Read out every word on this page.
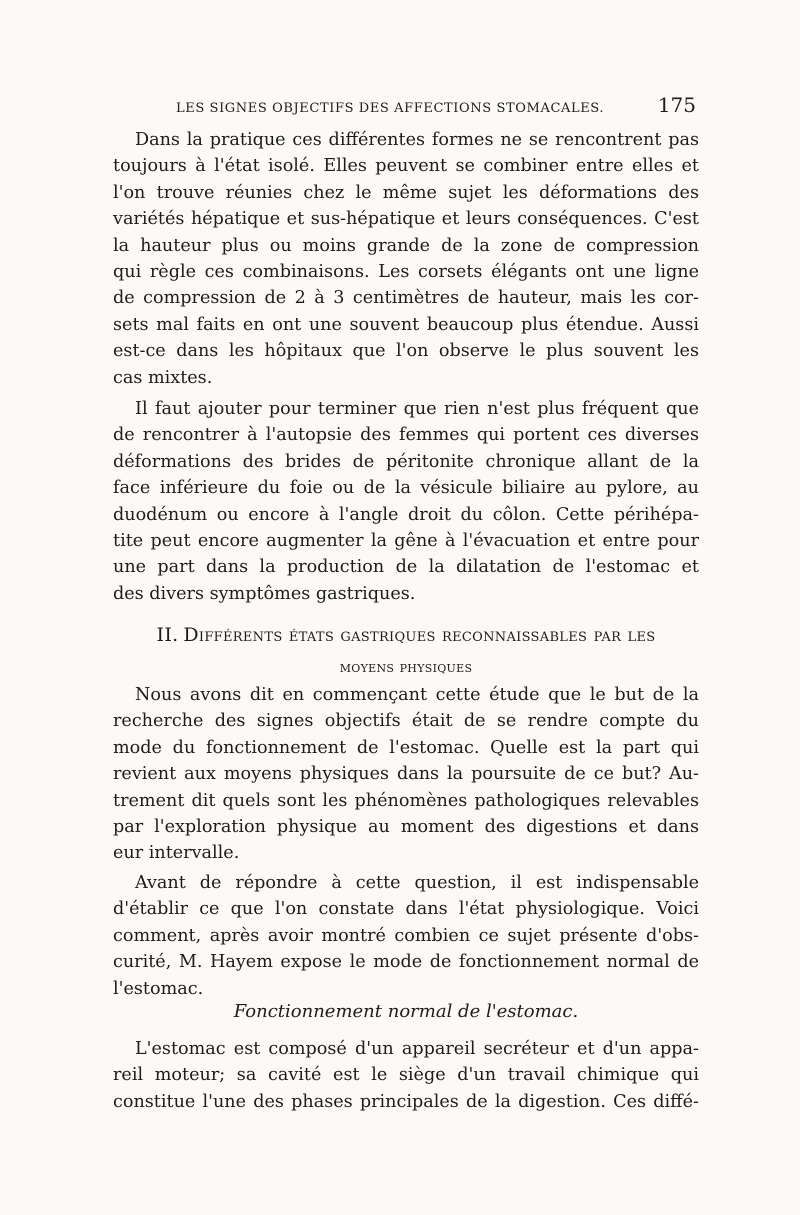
LES SIGNES OBJECTIFS DES AFFECTIONS STOMACALES.	175
Dans la pratique ces différentes formes ne se rencontrent pas
toujours à l'état isolé. Elles peuvent se combiner entre elles et
l'on trouve réunies chez le même sujet les déformations des
variétés hépatique et sus-hépatique et leurs conséquences. C'est
la hauteur plus ou moins grande de la zone de compression
qui règle ces combinaisons. Les corsets élégants ont une ligne
de compression de 2 à 3 centimètres de hauteur, mais les cor-
sets mal faits en ont une souvent beaucoup plus étendue. Aussi
est-ce dans les hôpitaux que l'on observe le plus souvent les
cas mixtes.
Il faut ajouter pour terminer que rien n'est plus fréquent que
de rencontrer à l'autopsie des femmes qui portent ces diverses
déformations des brides de péritonite chronique allant de la
face inférieure du foie ou de la vésicule biliaire au pylore, au
duodénum ou encore à l'angle droit du côlon. Cette périhépa-
tite peut encore augmenter la gêne à l'évacuation et entre pour
une part dans la production de la dilatation de l'estomac et
des divers symptômes gastriques.
II. Différents états gastriques reconnaissables par les
moyens physiques
Nous avons dit en commençant cette étude que le but de la
recherche des signes objectifs était de se rendre compte du
mode du fonctionnement de l'estomac. Quelle est la part qui
revient aux moyens physiques dans la poursuite de ce but? Au-
trement dit quels sont les phénomènes pathologiques relevables
par l'exploration physique au moment des digestions et dans
eur intervalle.
Avant de répondre à cette question, il est indispensable
d'établir ce que l'on constate dans l'état physiologique. Voici
comment, après avoir montré combien ce sujet présente d'obs-
curité, M. Hayem expose le mode de fonctionnement normal de
l'estomac.
Fonctionnement normal de l'estomac.
L'estomac est composé d'un appareil secréteur et d'un appa-
reil moteur; sa cavité est le siège d'un travail chimique qui
constitue l'une des phases principales de la digestion. Ces diffé-
